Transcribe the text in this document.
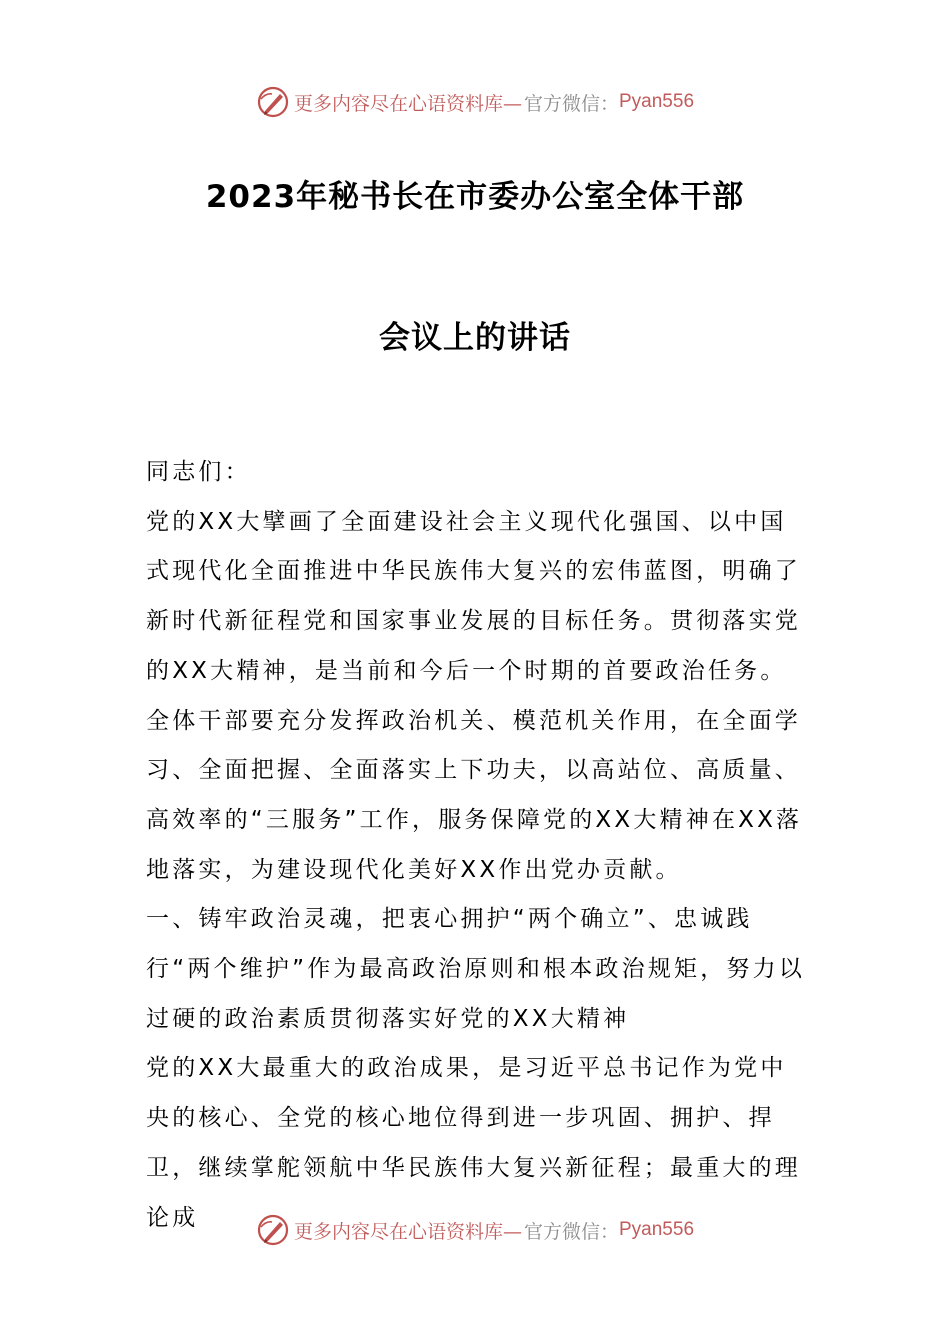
更多内容尽在心语资料库— 官方微信： Pyan556
2023年秘书长在市委办公室全体干部
会议上的讲话

同志们：

党的XX大擘画了全面建设社会主义现代化强国、以中国式现代化全面推进中华民族伟大复兴的宏伟蓝图，明确了新时代新征程党和国家事业发展的目标任务。贯彻落实党的XX大精神，是当前和今后一个时期的首要政治任务。全体干部要充分发挥政治机关、模范机关作用，在全面学习、全面把握、全面落实上下功夫，以高站位、高质量、高效率的“三服务”工作，服务保障党的XX大精神在XX落地落实，为建设现代化美好XX作出党办贡献。

一、铸牢政治灵魂，把衷心拥护“两个确立”、忠诚践行“两个维护”作为最高政治原则和根本政治规矩，努力以过硬的政治素质贯彻落实好党的XX大精神

党的XX大最重大的政治成果，是习近平总书记作为党中央的核心、全党的核心地位得到进一步巩固、拥护、捍卫，继续掌舵领航中华民族伟大复兴新征程；最重大的理论成

更多内容尽在心语资料库— 官方微信： Pyan556
